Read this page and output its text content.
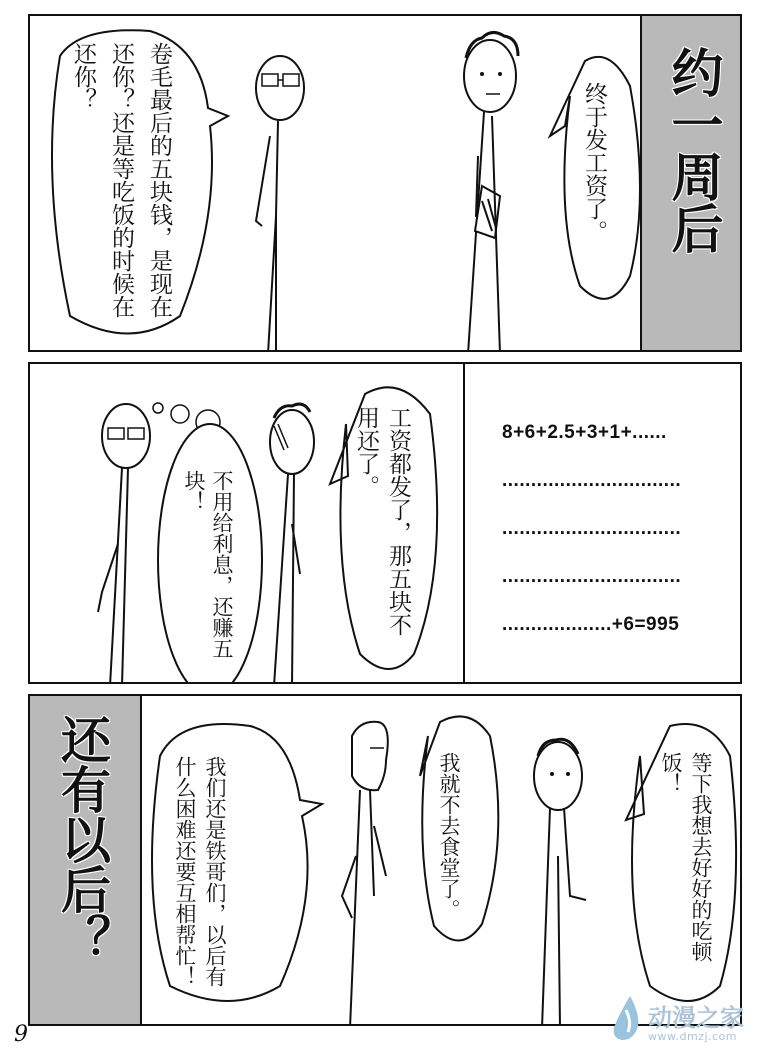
卷毛最后的五块钱，是现在还你？还是等吃饭的时候在还你？
终于发工资了。 约一周后
不用给利息，还赚五块！	工资都发了，那五块不用还了。	8+6+2.5+3+1+......
...............................
...............................
...............................
...................+6=995
还有以后？	我们还是铁哥们，以后有什么困难还要互相帮忙！	我就不去食堂了。	等下我想去好好的吃顿饭！
9
动漫之家
www.dmzj.com
